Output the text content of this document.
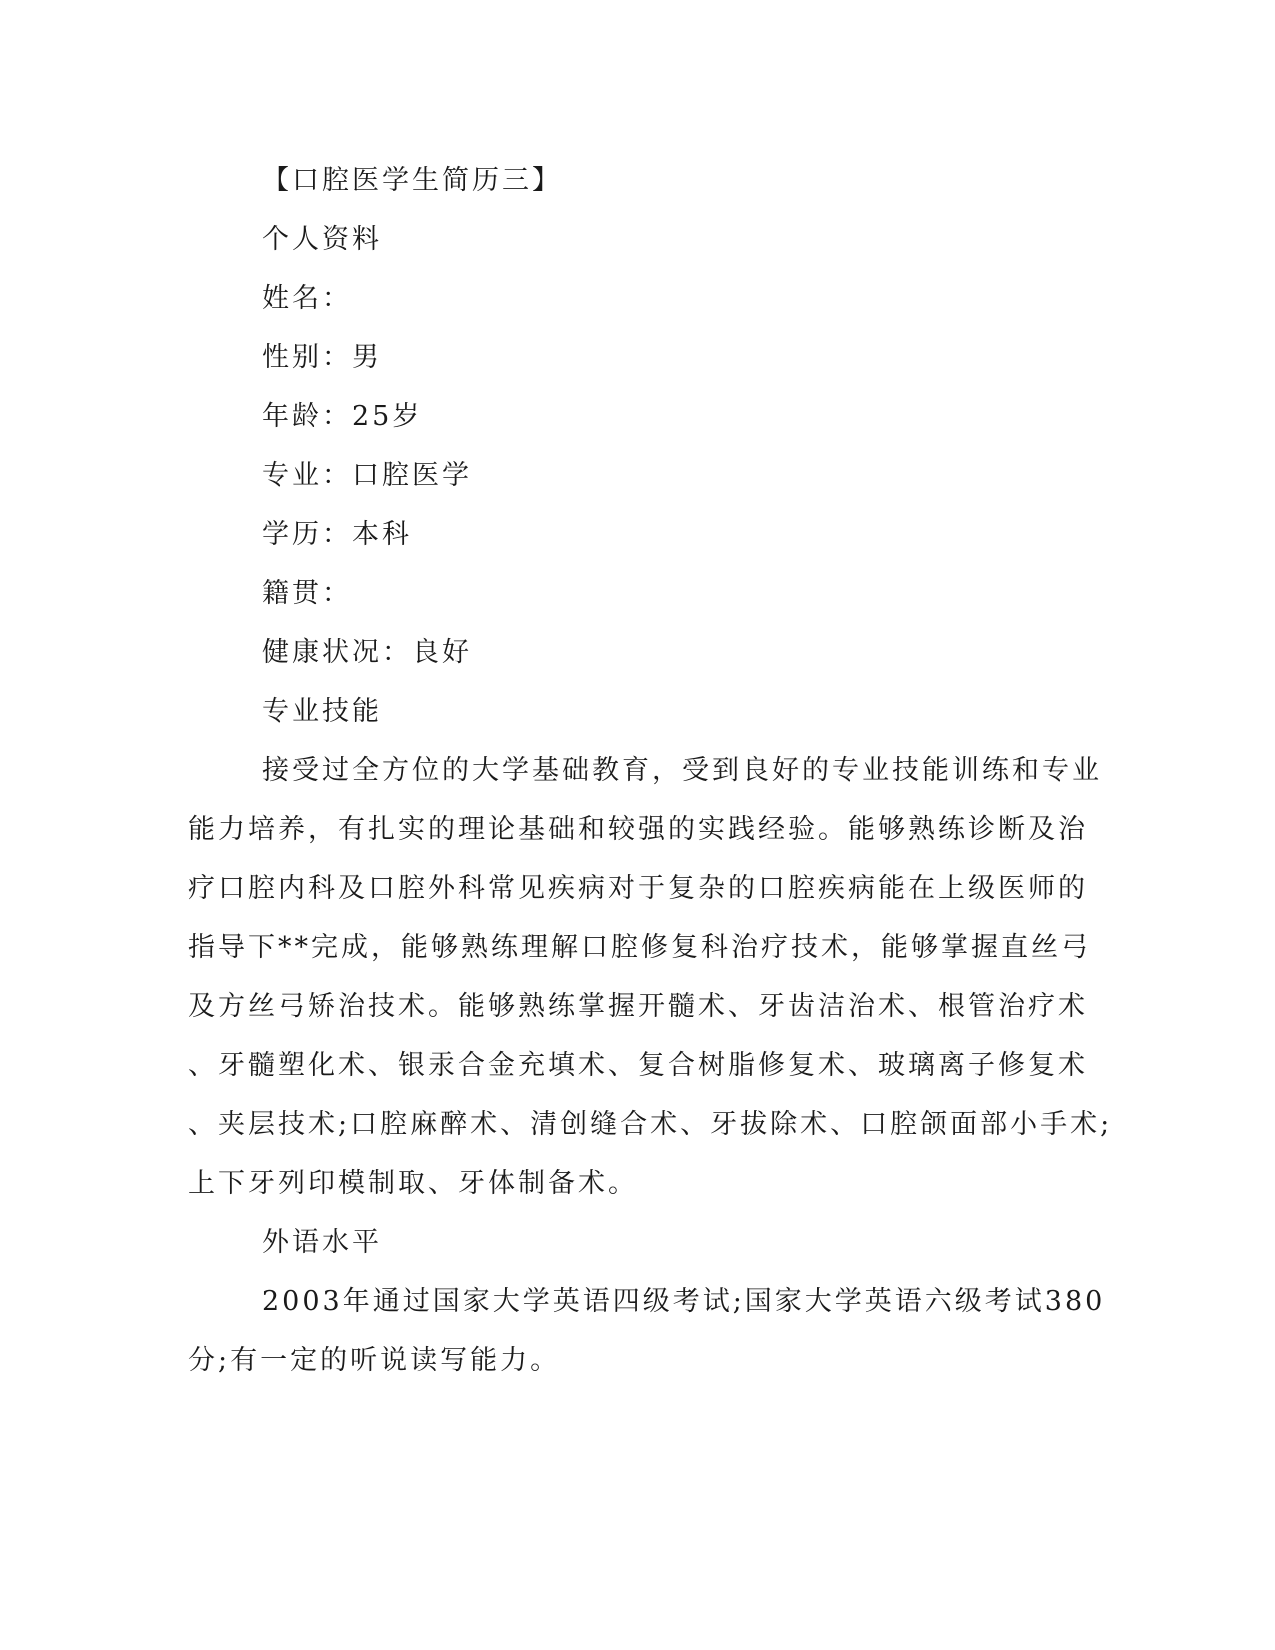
【口腔医学生简历三】
个人资料
姓名：
性别：男
年龄：25岁
专业：口腔医学
学历：本科
籍贯：
健康状况：良好
专业技能
接受过全方位的大学基础教育，受到良好的专业技能训练和专业
能力培养，有扎实的理论基础和较强的实践经验。能够熟练诊断及治
疗口腔内科及口腔外科常见疾病对于复杂的口腔疾病能在上级医师的
指导下**完成，能够熟练理解口腔修复科治疗技术，能够掌握直丝弓
及方丝弓矫治技术。能够熟练掌握开髓术、牙齿洁治术、根管治疗术
、牙髓塑化术、银汞合金充填术、复合树脂修复术、玻璃离子修复术
、夹层技术;口腔麻醉术、清创缝合术、牙拔除术、口腔颌面部小手术;
上下牙列印模制取、牙体制备术。
外语水平
2003年通过国家大学英语四级考试;国家大学英语六级考试380
分;有一定的听说读写能力。
